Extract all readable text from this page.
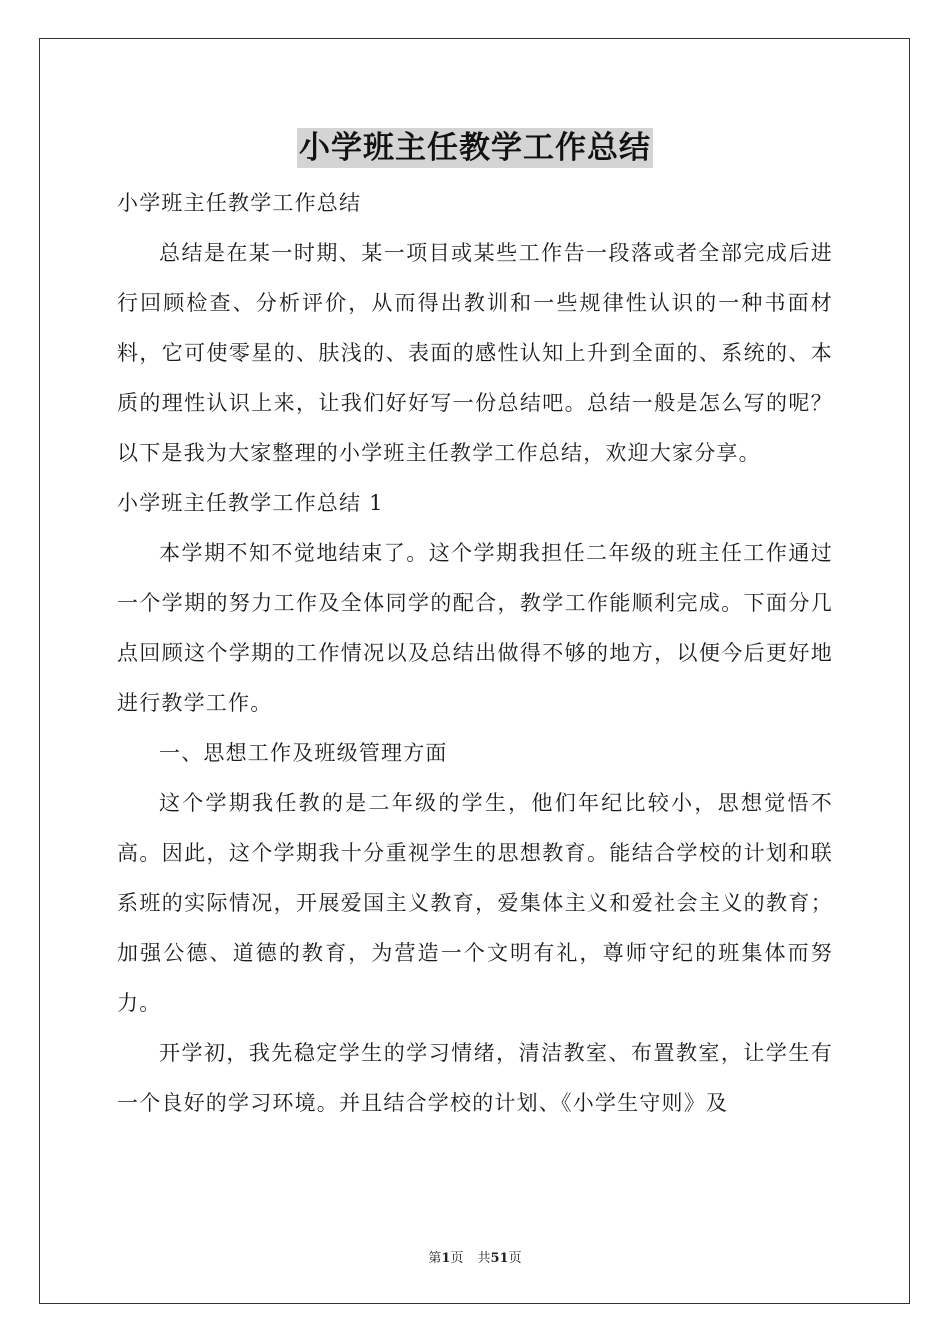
小学班主任教学工作总结

小学班主任教学工作总结

总结是在某一时期、某一项目或某些工作告一段落或者全部完成后进行回顾检查、分析评价，从而得出教训和一些规律性认识的一种书面材料，它可使零星的、肤浅的、表面的感性认知上升到全面的、系统的、本质的理性认识上来，让我们好好写一份总结吧。总结一般是怎么写的呢？以下是我为大家整理的小学班主任教学工作总结，欢迎大家分享。

小学班主任教学工作总结 1

本学期不知不觉地结束了。这个学期我担任二年级的班主任工作通过一个学期的努力工作及全体同学的配合，教学工作能顺利完成。下面分几点回顾这个学期的工作情况以及总结出做得不够的地方，以便今后更好地进行教学工作。

一、思想工作及班级管理方面

这个学期我任教的是二年级的学生，他们年纪比较小，思想觉悟不高。因此，这个学期我十分重视学生的思想教育。能结合学校的计划和联系班的实际情况，开展爱国主义教育，爱集体主义和爱社会主义的教育；加强公德、道德的教育，为营造一个文明有礼，尊师守纪的班集体而努力。

开学初，我先稳定学生的学习情绪，清洁教室、布置教室，让学生有一个良好的学习环境。并且结合学校的计划、《小学生守则》及

第1页 共51页
